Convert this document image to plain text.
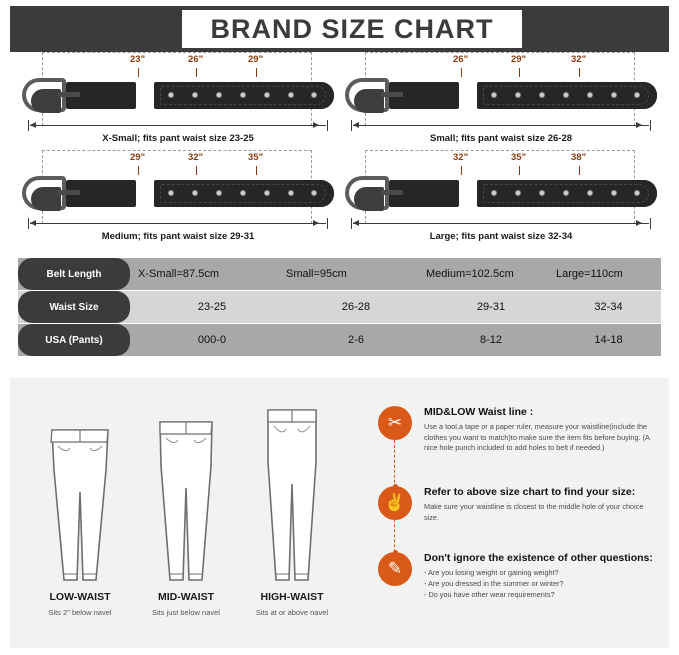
BRAND SIZE CHART
23"	26"	29"
X-Small; fits pant waist size 23-25
26"	29"	32"
Small; fits pant waist size 26-28
29"	32"	35"
Medium; fits pant waist size 29-31
32"	35"	38"
Large; fits pant waist size 32-34
Belt Length	X-Small=87.5cm	Small=95cm	Medium=102.5cm	Large=110cm
Waist Size	23-25	26-28	29-31	32-34
USA (Pants)	000-0	2-6	8-12	14-18
LOW-WAIST
Sits 2" below navel
MID-WAIST
Sits just below navel
HIGH-WAIST
Sits at or above navel
✂
MID&LOW Waist line :
Use a tool,a tape or a paper ruler, measure your waistline(include the
clothes you want to match)to make sure the item fits before buying. (A
nice hole punch included to add holes to belt if needed.)
✌
Refer to above size chart to find your size:
Make sure your waistline is closest to the middle hole of your choice size.
✎
Don't ignore the existence of other questions:
- Are you losing weight or gaining weight?
- Are you dressed in the summer or winter?
- Do you have other wear requirements?
